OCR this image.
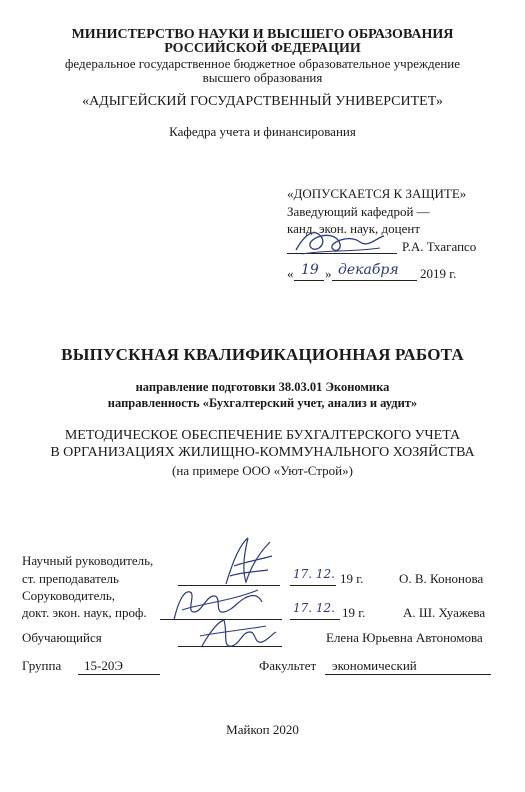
МИНИСТЕРСТВО НАУКИ И ВЫСШЕГО ОБРАЗОВАНИЯ
РОССИЙСКОЙ ФЕДЕРАЦИИ
федеральное государственное бюджетное образовательное учреждение
высшего образования
«АДЫГЕЙСКИЙ ГОСУДАРСТВЕННЫЙ УНИВЕРСИТЕТ»
Кафедра учета и финансирования
«ДОПУСКАЕТСЯ К ЗАЩИТЕ»
Заведующий кафедрой —
канд. экон. наук, доцент
Р.А. Тхагапсо
« 19 » декабря 2019 г.
ВЫПУСКНАЯ КВАЛИФИКАЦИОННАЯ РАБОТА
направление подготовки 38.03.01 Экономика
направленность «Бухгалтерский учет, анализ и аудит»
МЕТОДИЧЕСКОЕ ОБЕСПЕЧЕНИЕ БУХГАЛТЕРСКОГО УЧЕТА
В ОРГАНИЗАЦИЯХ ЖИЛИЩНО-КОММУНАЛЬНОГО ХОЗЯЙСТВА
(на примере ООО «Уют-Строй»)
Научный руководитель,
ст. преподаватель	17. 12. 19 г.	О. В. Кононова
Соруководитель,
докт. экон. наук, проф.	17. 12. 19 г.	А. Ш. Хуажева
Обучающийся	Елена Юрьевна Автономова
Группа 15-20Э	Факультет экономический
Майкоп 2020
